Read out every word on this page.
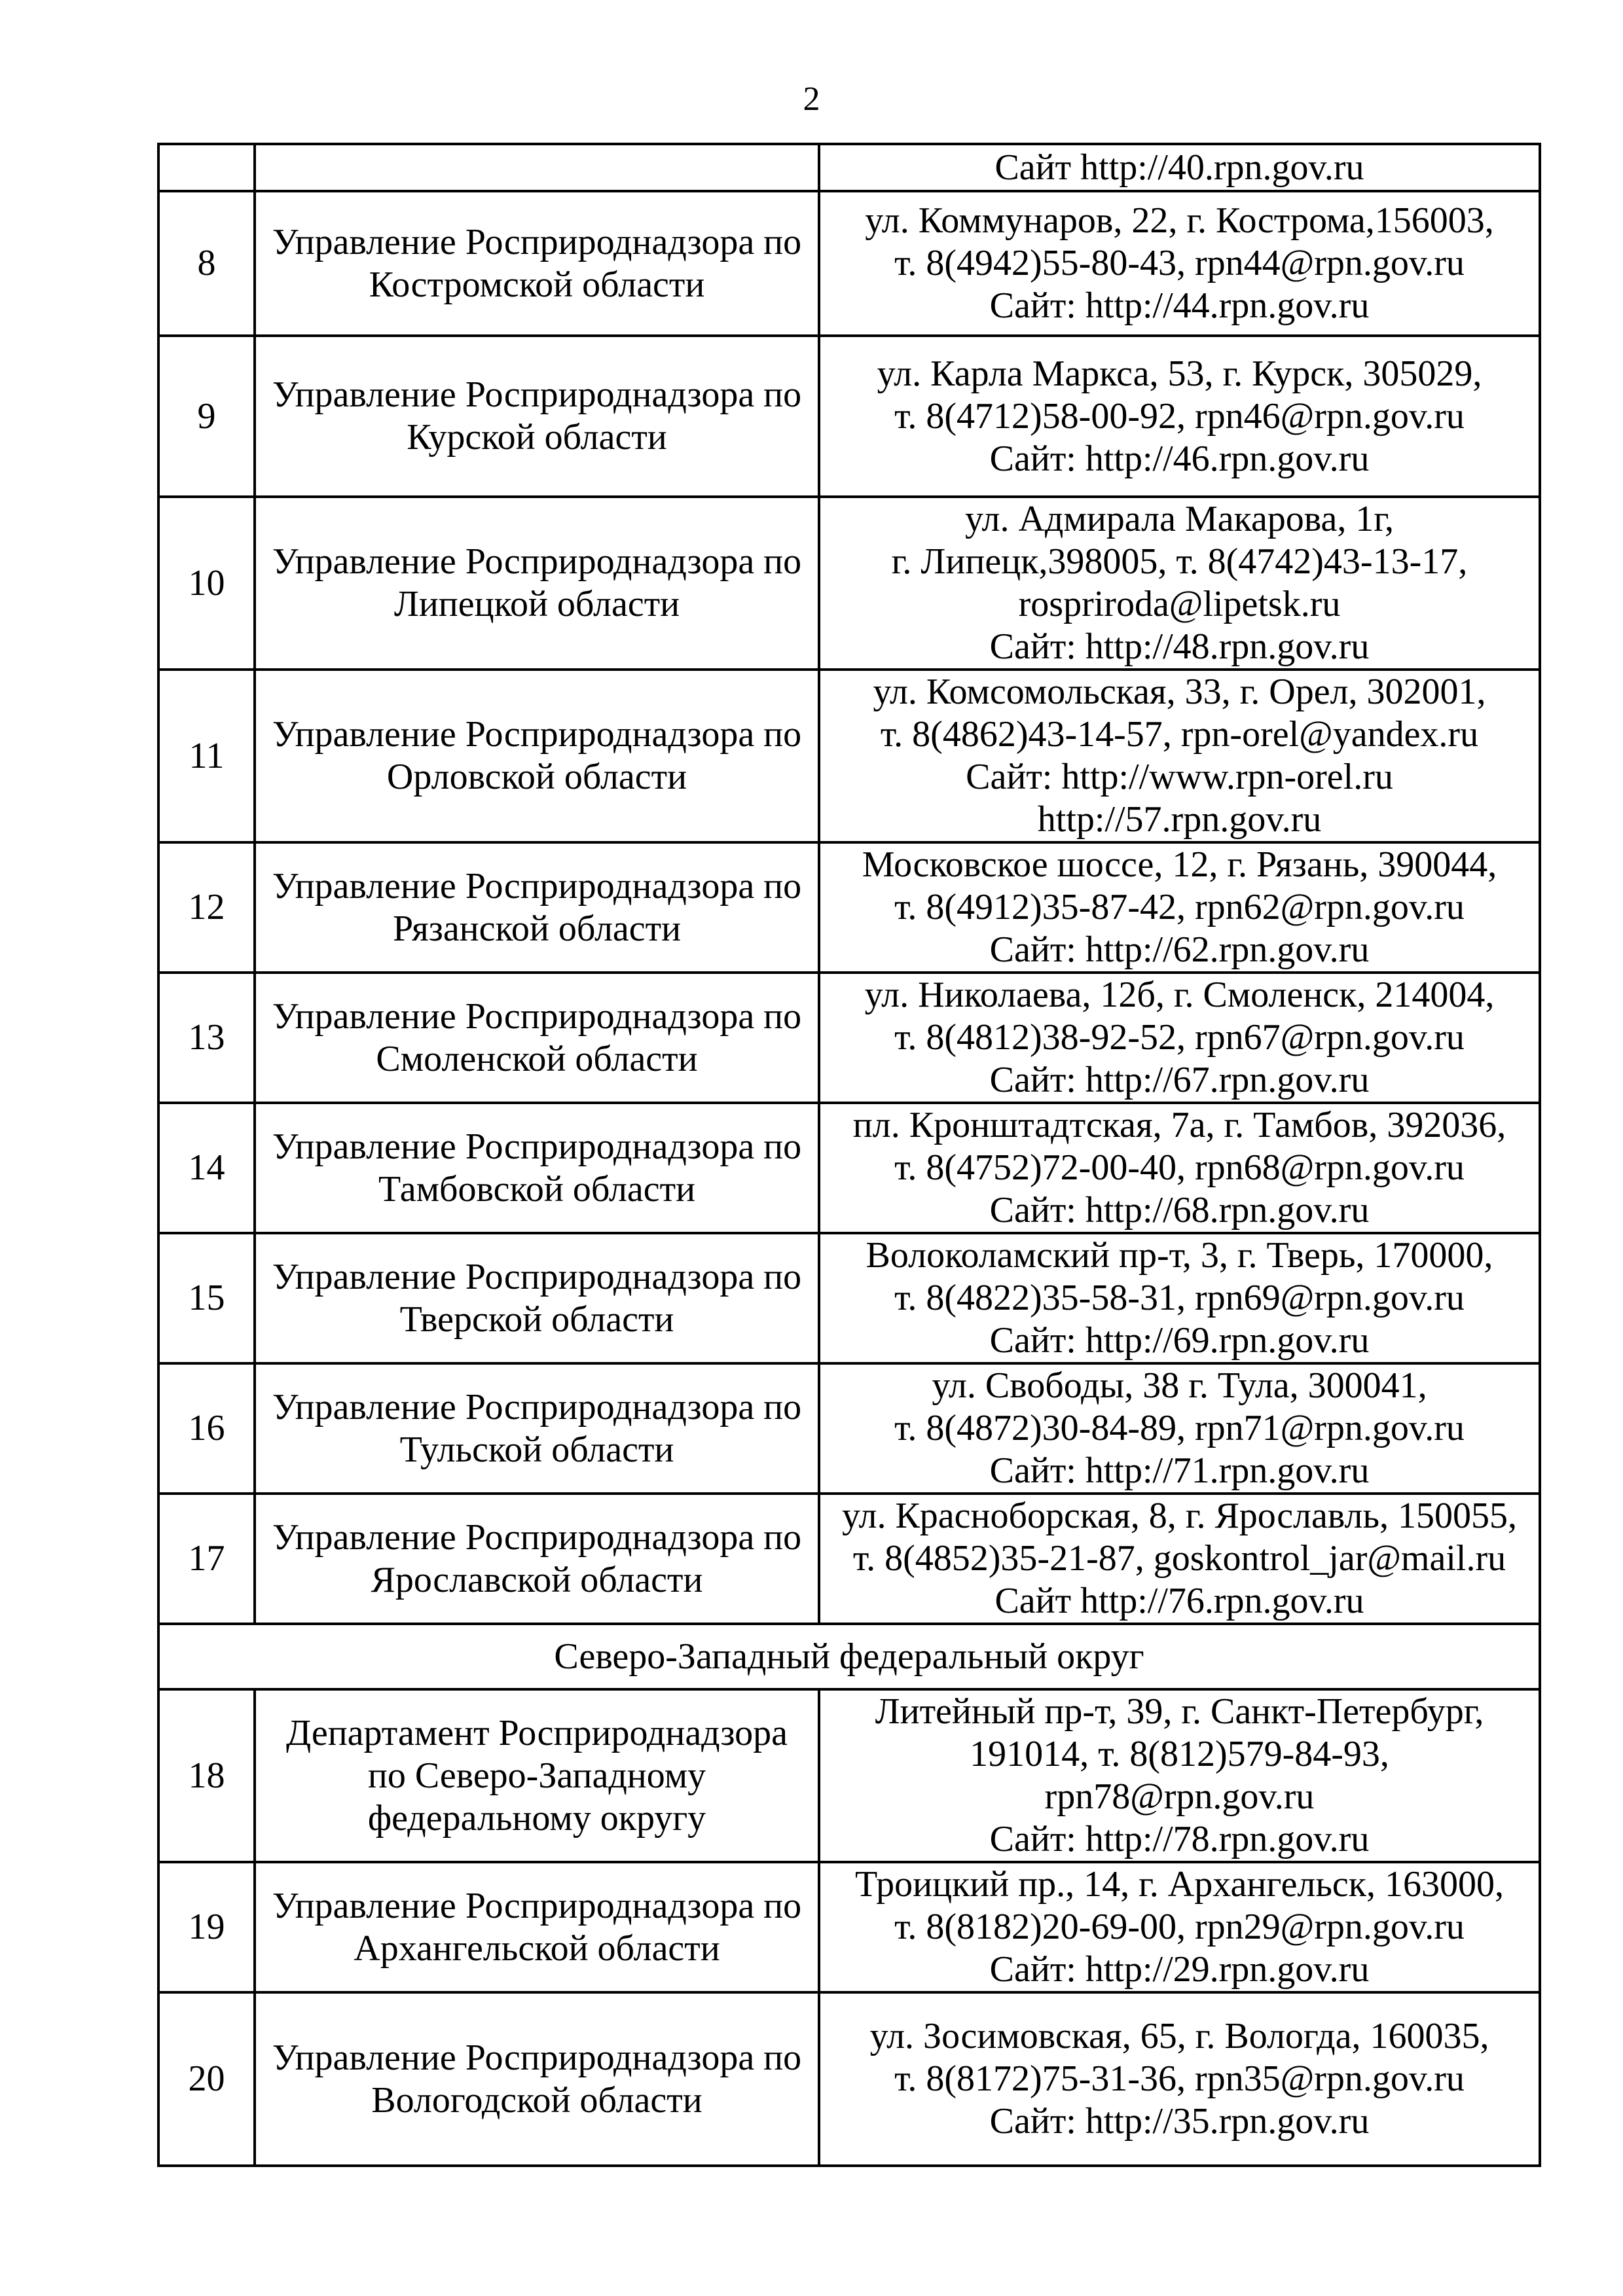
2
		Сайт http://40.rpn.gov.ru
8	Управление Росприроднадзора по
Костромской области	ул. Коммунаров, 22, г. Кострома,156003,
т. 8(4942)55-80-43, rpn44@rpn.gov.ru
Сайт: http://44.rpn.gov.ru

9	Управление Росприроднадзора по
Курской области	ул. Карла Маркса, 53, г. Курск, 305029,
т. 8(4712)58-00-92, rpn46@rpn.gov.ru
Сайт: http://46.rpn.gov.ru

10	Управление Росприроднадзора по
Липецкой области	ул. Адмирала Макарова, 1г,
г. Липецк,398005, т. 8(4742)43-13-17,
rospriroda@lipetsk.ru
Сайт: http://48.rpn.gov.ru

11	Управление Росприроднадзора по
Орловской области	ул. Комсомольская, 33, г. Орел, 302001,
т. 8(4862)43-14-57, rpn-orel@yandex.ru
Сайт: http://www.rpn-orel.ru
http://57.rpn.gov.ru

12	Управление Росприроднадзора по
Рязанской области	Московское шоссе, 12, г. Рязань, 390044,
т. 8(4912)35-87-42, rpn62@rpn.gov.ru
Сайт: http://62.rpn.gov.ru

13	Управление Росприроднадзора по
Смоленской области	ул. Николаева, 12б, г. Смоленск, 214004,
т. 8(4812)38-92-52, rpn67@rpn.gov.ru
Сайт: http://67.rpn.gov.ru

14	Управление Росприроднадзора по
Тамбовской области	пл. Кронштадтская, 7а, г. Тамбов, 392036,
т. 8(4752)72-00-40, rpn68@rpn.gov.ru
Сайт: http://68.rpn.gov.ru

15	Управление Росприроднадзора по
Тверской области	Волоколамский пр-т, 3, г. Тверь, 170000,
т. 8(4822)35-58-31, rpn69@rpn.gov.ru
Сайт: http://69.rpn.gov.ru

16	Управление Росприроднадзора по
Тульской области	ул. Свободы, 38 г. Тула, 300041,
т. 8(4872)30-84-89, rpn71@rpn.gov.ru
Сайт: http://71.rpn.gov.ru

17	Управление Росприроднадзора по
Ярославской области	ул. Красноборская, 8, г. Ярославль, 150055,
т. 8(4852)35-21-87, goskontrol_jar@mail.ru
Сайт http://76.rpn.gov.ru

Северо-Западный федеральный округ		
18	Департамент Росприроднадзора
по Северо-Западному
федеральному округу	Литейный пр-т, 39, г. Санкт-Петербург,
191014, т. 8(812)579-84-93,
rpn78@rpn.gov.ru
Сайт: http://78.rpn.gov.ru

19	Управление Росприроднадзора по
Архангельской области	Троицкий пр., 14, г. Архангельск, 163000,
т. 8(8182)20-69-00, rpn29@rpn.gov.ru
Сайт: http://29.rpn.gov.ru

20	Управление Росприроднадзора по
Вологодской области	ул. Зосимовская, 65, г. Вологда, 160035,
т. 8(8172)75-31-36, rpn35@rpn.gov.ru
Сайт: http://35.rpn.gov.ru
